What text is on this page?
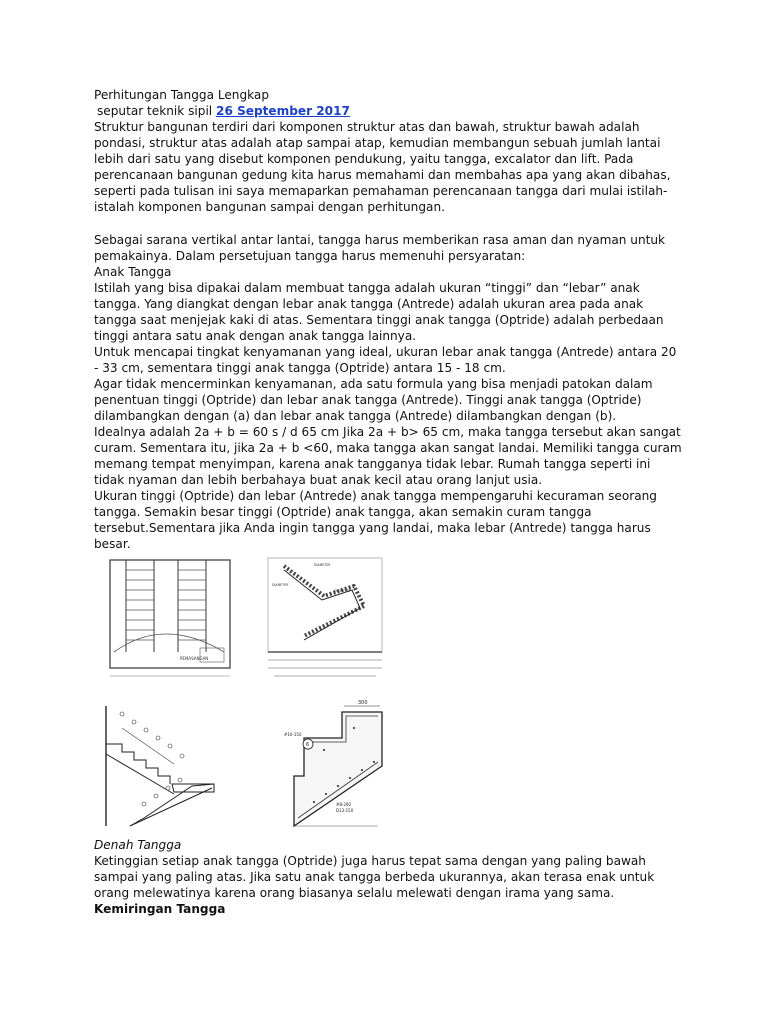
Perhitungan Tangga Lengkap

seputar teknik sipil 26 September 2017

Struktur bangunan terdiri dari komponen struktur atas dan bawah, struktur bawah adalah pondasi, struktur atas adalah atap sampai atap, kemudian membangun sebuah jumlah lantai lebih dari satu yang disebut komponen pendukung, yaitu tangga, excalator dan lift. Pada perencanaan bangunan gedung kita harus memahami dan membahas apa yang akan dibahas, seperti pada tulisan ini saya memaparkan pemahaman perencanaan tangga dari mulai istilah-istalah komponen bangunan sampai dengan perhitungan.

Sebagai sarana vertikal antar lantai, tangga harus memberikan rasa aman dan nyaman untuk pemakainya. Dalam persetujuan tangga harus memenuhi persyaratan:

Anak Tangga

Istilah yang bisa dipakai dalam membuat tangga adalah ukuran “tinggi” dan “lebar” anak tangga. Yang diangkat dengan lebar anak tangga (Antrede) adalah ukuran area pada anak tangga saat menjejak kaki di atas. Sementara tinggi anak tangga (Optride) adalah perbedaan tinggi antara satu anak dengan anak tangga lainnya.

Untuk mencapai tingkat kenyamanan yang ideal, ukuran lebar anak tangga (Antrede) antara 20 - 33 cm, sementara tinggi anak tangga (Optride) antara 15 - 18 cm.

Agar tidak mencerminkan kenyamanan, ada satu formula yang bisa menjadi patokan dalam penentuan tinggi (Optride) dan lebar anak tangga (Antrede). Tinggi anak tangga (Optride) dilambangkan dengan (a) dan lebar anak tangga (Antrede) dilambangkan dengan (b).

Idealnya adalah 2a + b = 60 s / d 65 cm Jika 2a + b> 65 cm, maka tangga tersebut akan sangat curam. Sementara itu, jika 2a + b <60, maka tangga akan sangat landai. Memiliki tangga curam memang tempat menyimpan, karena anak tangganya tidak lebar. Rumah tangga seperti ini tidak nyaman dan lebih berbahaya buat anak kecil atau orang lanjut usia.

Ukuran tinggi (Optride) dan lebar (Antrede) anak tangga mempengaruhi kecuraman seorang tangga. Semakin besar tinggi (Optride) anak tangga, akan semakin curam tangga tersebut.Sementara jika Anda ingin tangga yang landai, maka lebar (Antrede) tangga harus besar.

PEMASANGAN
DIAMETER
DIAMETER
DIAMETER
300
6
#10-150
#8-200
D13-150

Denah Tangga

Ketinggian setiap anak tangga (Optride) juga harus tepat sama dengan yang paling bawah sampai yang paling atas. Jika satu anak tangga berbeda ukurannya, akan terasa enak untuk orang melewatinya karena orang biasanya selalu melewati dengan irama yang sama.

Kemiringan Tangga
